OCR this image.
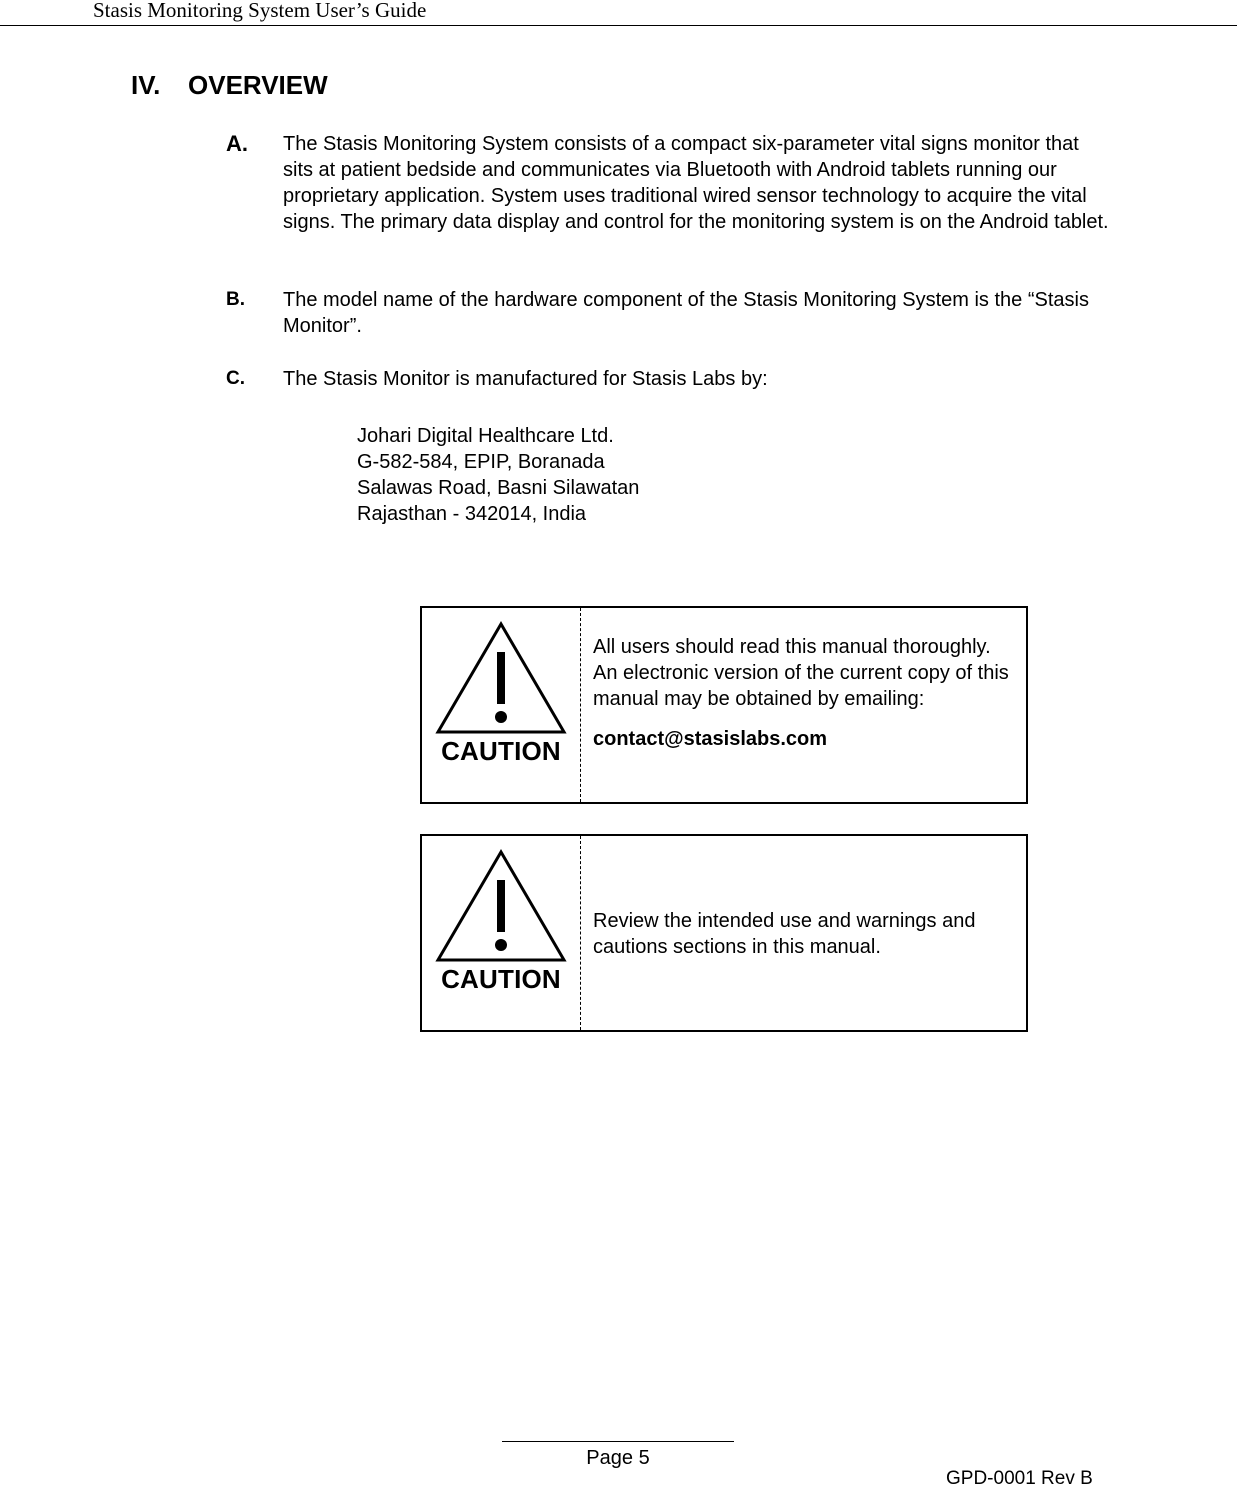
Stasis Monitoring System User’s Guide
IV. OVERVIEW
A. The Stasis Monitoring System consists of a compact six-parameter vital signs monitor that sits at patient bedside and communicates via Bluetooth with Android tablets running our proprietary application. System uses traditional wired sensor technology to acquire the vital signs. The primary data display and control for the monitoring system is on the Android tablet.
B. The model name of the hardware component of the Stasis Monitoring System is the “Stasis Monitor”.
C. The Stasis Monitor is manufactured for Stasis Labs by:
Johari Digital Healthcare Ltd.
G-582-584, EPIP, Boranada
Salawas Road, Basni Silawatan
Rajasthan - 342014, India
CAUTION
All users should read this manual thoroughly. An electronic version of the current copy of this manual may be obtained by emailing:
contact@stasislabs.com
CAUTION
Review the intended use and warnings and cautions sections in this manual.
Page 5
GPD-0001 Rev B
